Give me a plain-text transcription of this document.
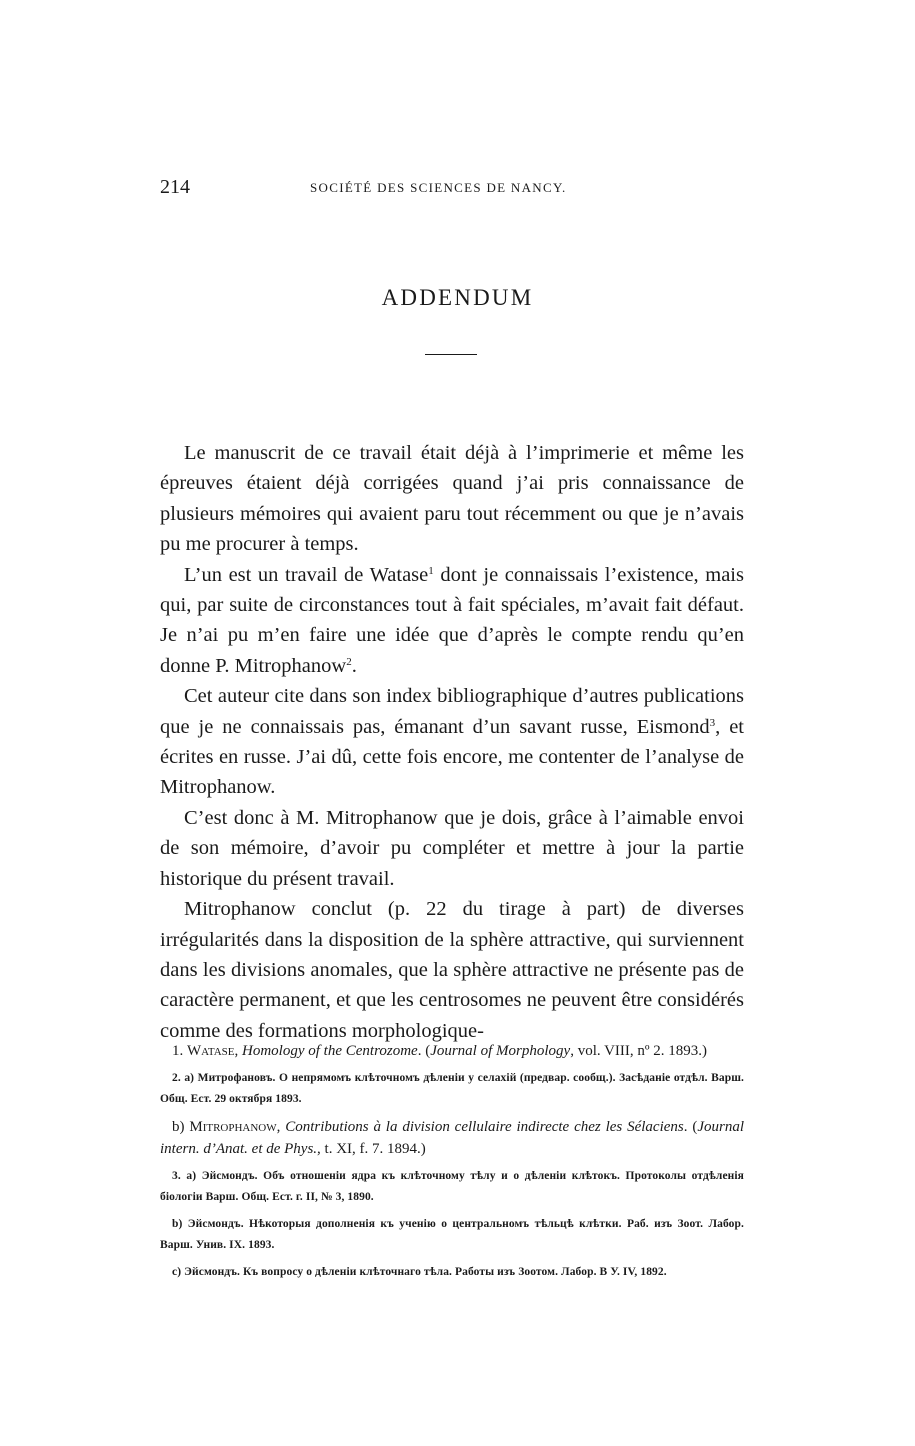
214	SOCIÉTÉ DES SCIENCES DE NANCY.
ADDENDUM

Le manuscrit de ce travail était déjà à l’imprimerie et même les épreuves étaient déjà corrigées quand j’ai pris connaissance de plusieurs mémoires qui avaient paru tout récemment ou que je n’avais pu me procurer à temps.

L’un est un travail de Watase$^1$ dont je connaissais l’existence, mais qui, par suite de circonstances tout à fait spéciales, m’avait fait défaut. Je n’ai pu m’en faire une idée que d’après le compte rendu qu’en donne P. Mitrophanow$^2$.

Cet auteur cite dans son index bibliographique d’autres publications que je ne connaissais pas, émanant d’un savant russe, Eismond$^3$, et écrites en russe. J’ai dû, cette fois encore, me contenter de l’analyse de Mitrophanow.

C’est donc à M. Mitrophanow que je dois, grâce à l’aimable envoi de son mémoire, d’avoir pu compléter et mettre à jour la partie historique du présent travail.

Mitrophanow conclut (p. 22 du tirage à part) de diverses irrégularités dans la disposition de la sphère attractive, qui surviennent dans les divisions anomales, que la sphère attractive ne présente pas de caractère permanent, et que les centrosomes ne peuvent être considérés comme des formations morphologique-

1. Watase, Homology of the Centrozome. (Journal of Morphology, vol. VIII, nº 2. 1893.)

2. a) Митрофановъ. О непрямомъ клѣточномъ дѣленіи у селахій (предвар. сообщ.). Засѣданіе отдѣл. Варш. Общ. Ест. 29 октября 1893.

b) Mitrophanow, Contributions à la division cellulaire indirecte chez les Sélaciens. (Journal intern. d’Anat. et de Phys., t. XI, f. 7. 1894.)

3. a) Эйсмондъ. Объ отношеніи ядра къ клѣточному тѣлу и о дѣленіи клѣтокъ. Протоколы отдѣленія біологіи Варш. Общ. Ест. г. II, № 3, 1890.

b) Эйсмондъ. Нѣкоторыя дополненія къ ученію о центральномъ тѣльцѣ клѣтки. Раб. изъ Зоот. Лабор. Варш. Унив. IX. 1893.

c) Эйсмондъ. Къ вопросу о дѣленіи клѣточнаго тѣла. Работы изъ Зоотом. Лабор. В У. IV, 1892.
